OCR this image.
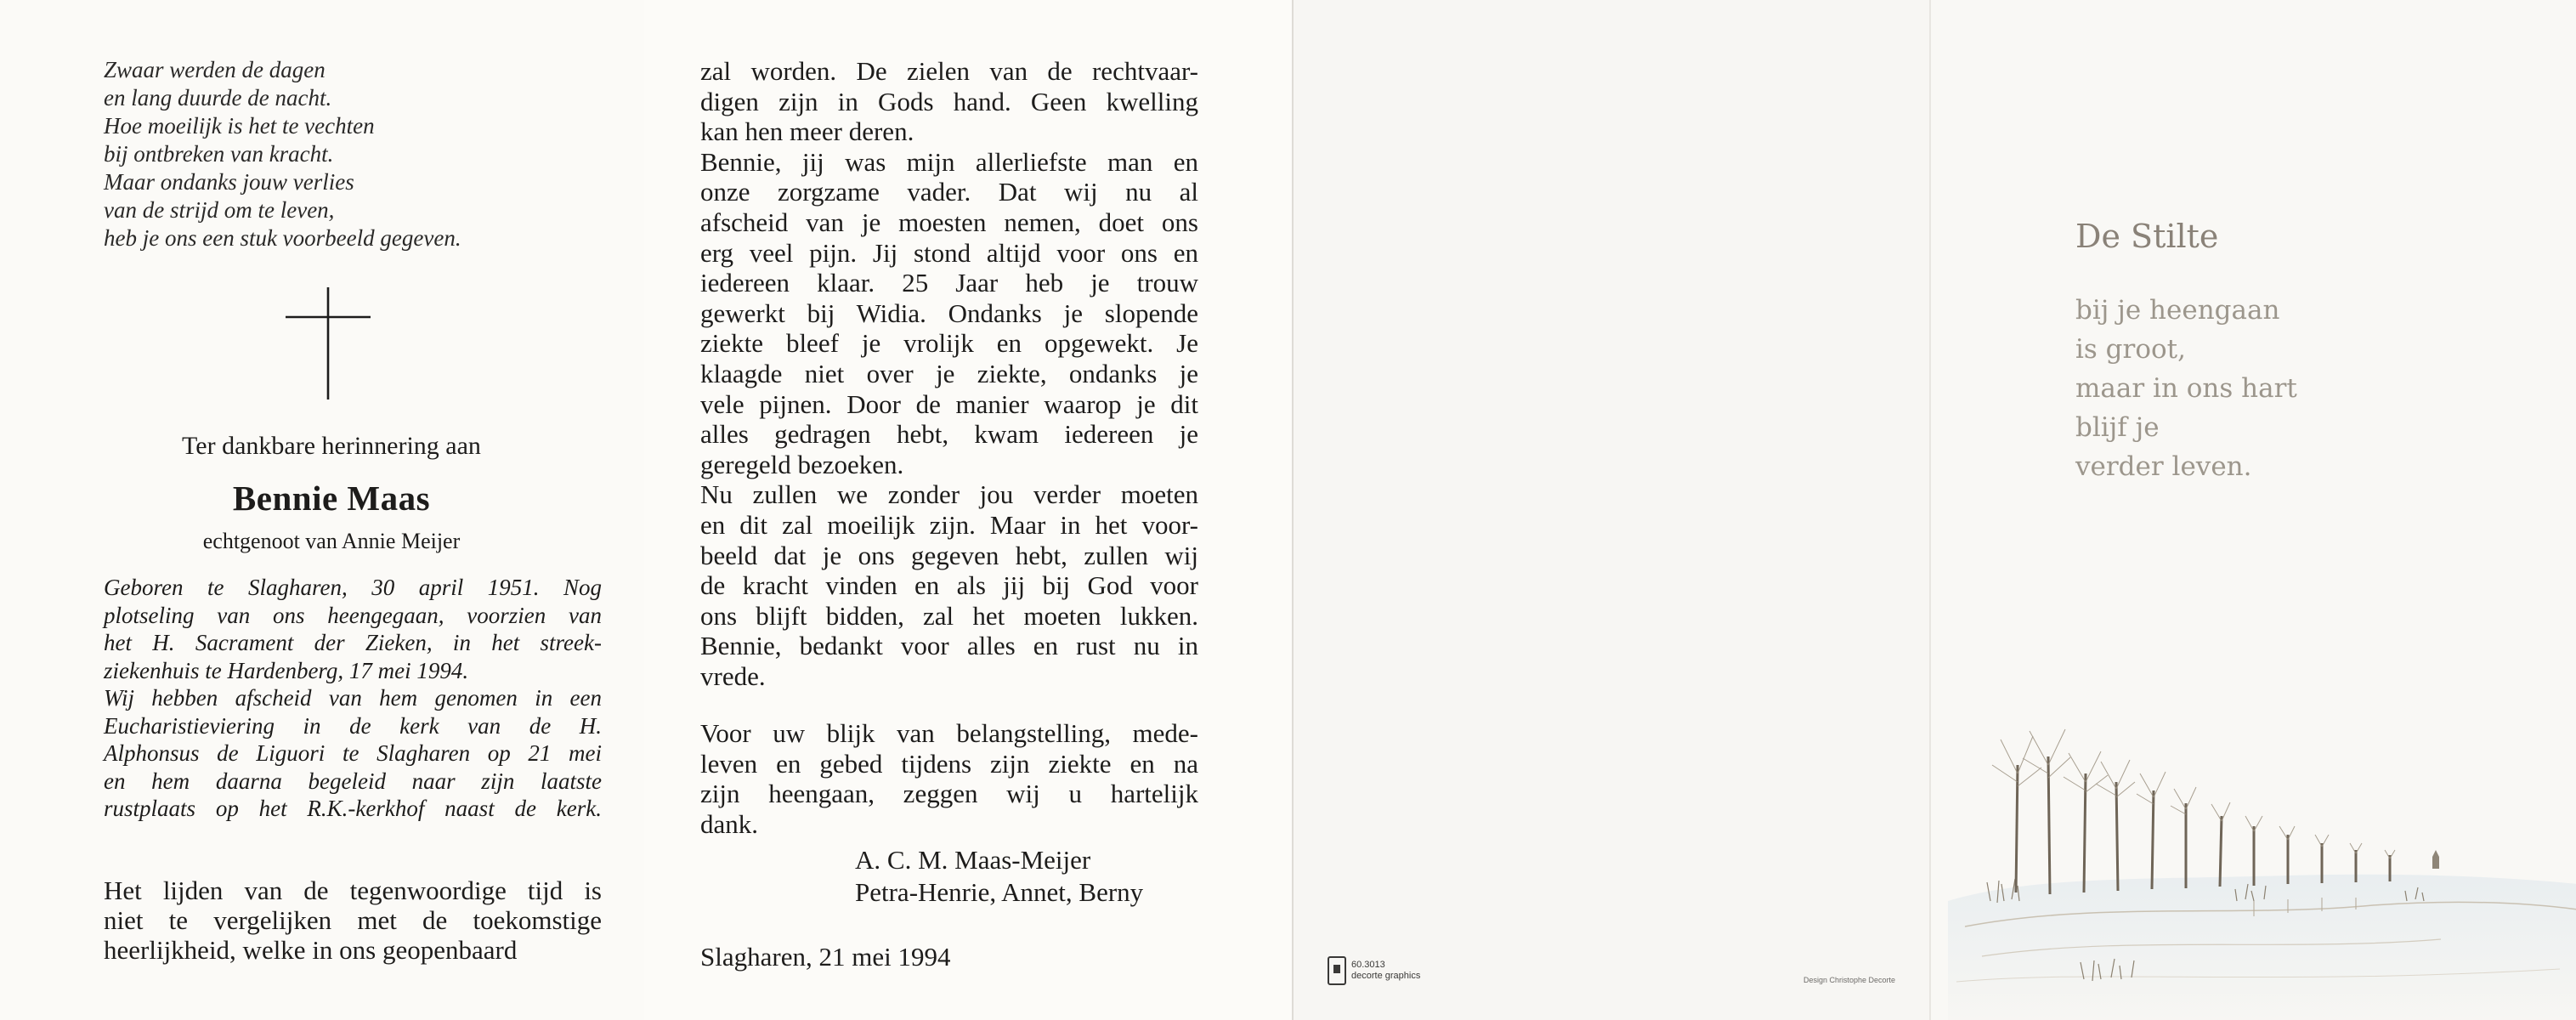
Zwaar werden de dagen
en lang duurde de nacht.
Hoe moeilijk is het te vechten
bij ontbreken van kracht.
Maar ondanks jouw verlies
van de strijd om te leven,
heb je ons een stuk voorbeeld gegeven.
Ter dankbare herinnering aan
Bennie Maas
echtgenoot van Annie Meijer
Geboren te Slagharen, 30 april 1951. Nog
plotseling van ons heengegaan, voorzien van
het H. Sacrament der Zieken, in het streek-
ziekenhuis te Hardenberg, 17 mei 1994.
Wij hebben afscheid van hem genomen in een
Eucharistieviering in de kerk van de H.
Alphonsus de Liguori te Slagharen op 21 mei
en hem daarna begeleid naar zijn laatste
rustplaats op het R.K.-kerkhof naast de kerk.
Het lijden van de tegenwoordige tijd is
niet te vergelijken met de toekomstige
heerlijkheid, welke in ons geopenbaard
zal worden. De zielen van de rechtvaar-
digen zijn in Gods hand. Geen kwelling
kan hen meer deren.
Bennie, jij was mijn allerliefste man en
onze zorgzame vader. Dat wij nu al
afscheid van je moesten nemen, doet ons
erg veel pijn. Jij stond altijd voor ons en
iedereen klaar. 25 Jaar heb je trouw
gewerkt bij Widia. Ondanks je slopende
ziekte bleef je vrolijk en opgewekt. Je
klaagde niet over je ziekte, ondanks je
vele pijnen. Door de manier waarop je dit
alles gedragen hebt, kwam iedereen je
geregeld bezoeken.
Nu zullen we zonder jou verder moeten
en dit zal moeilijk zijn. Maar in het voor-
beeld dat je ons gegeven hebt, zullen wij
de kracht vinden en als jij bij God voor
ons blijft bidden, zal het moeten lukken.
Bennie, bedankt voor alles en rust nu in
vrede.
Voor uw blijk van belangstelling, mede-
leven en gebed tijdens zijn ziekte en na
zijn heengaan, zeggen wij u hartelijk
dank.
A. C. M. Maas-Meijer
Petra-Henrie, Annet, Berny
Slagharen, 21 mei 1994	60.3013
decorte graphics	Design Christophe Decorte
De Stilte
bij je heengaan
is groot,
maar in ons hart
blijf je
verder leven.
